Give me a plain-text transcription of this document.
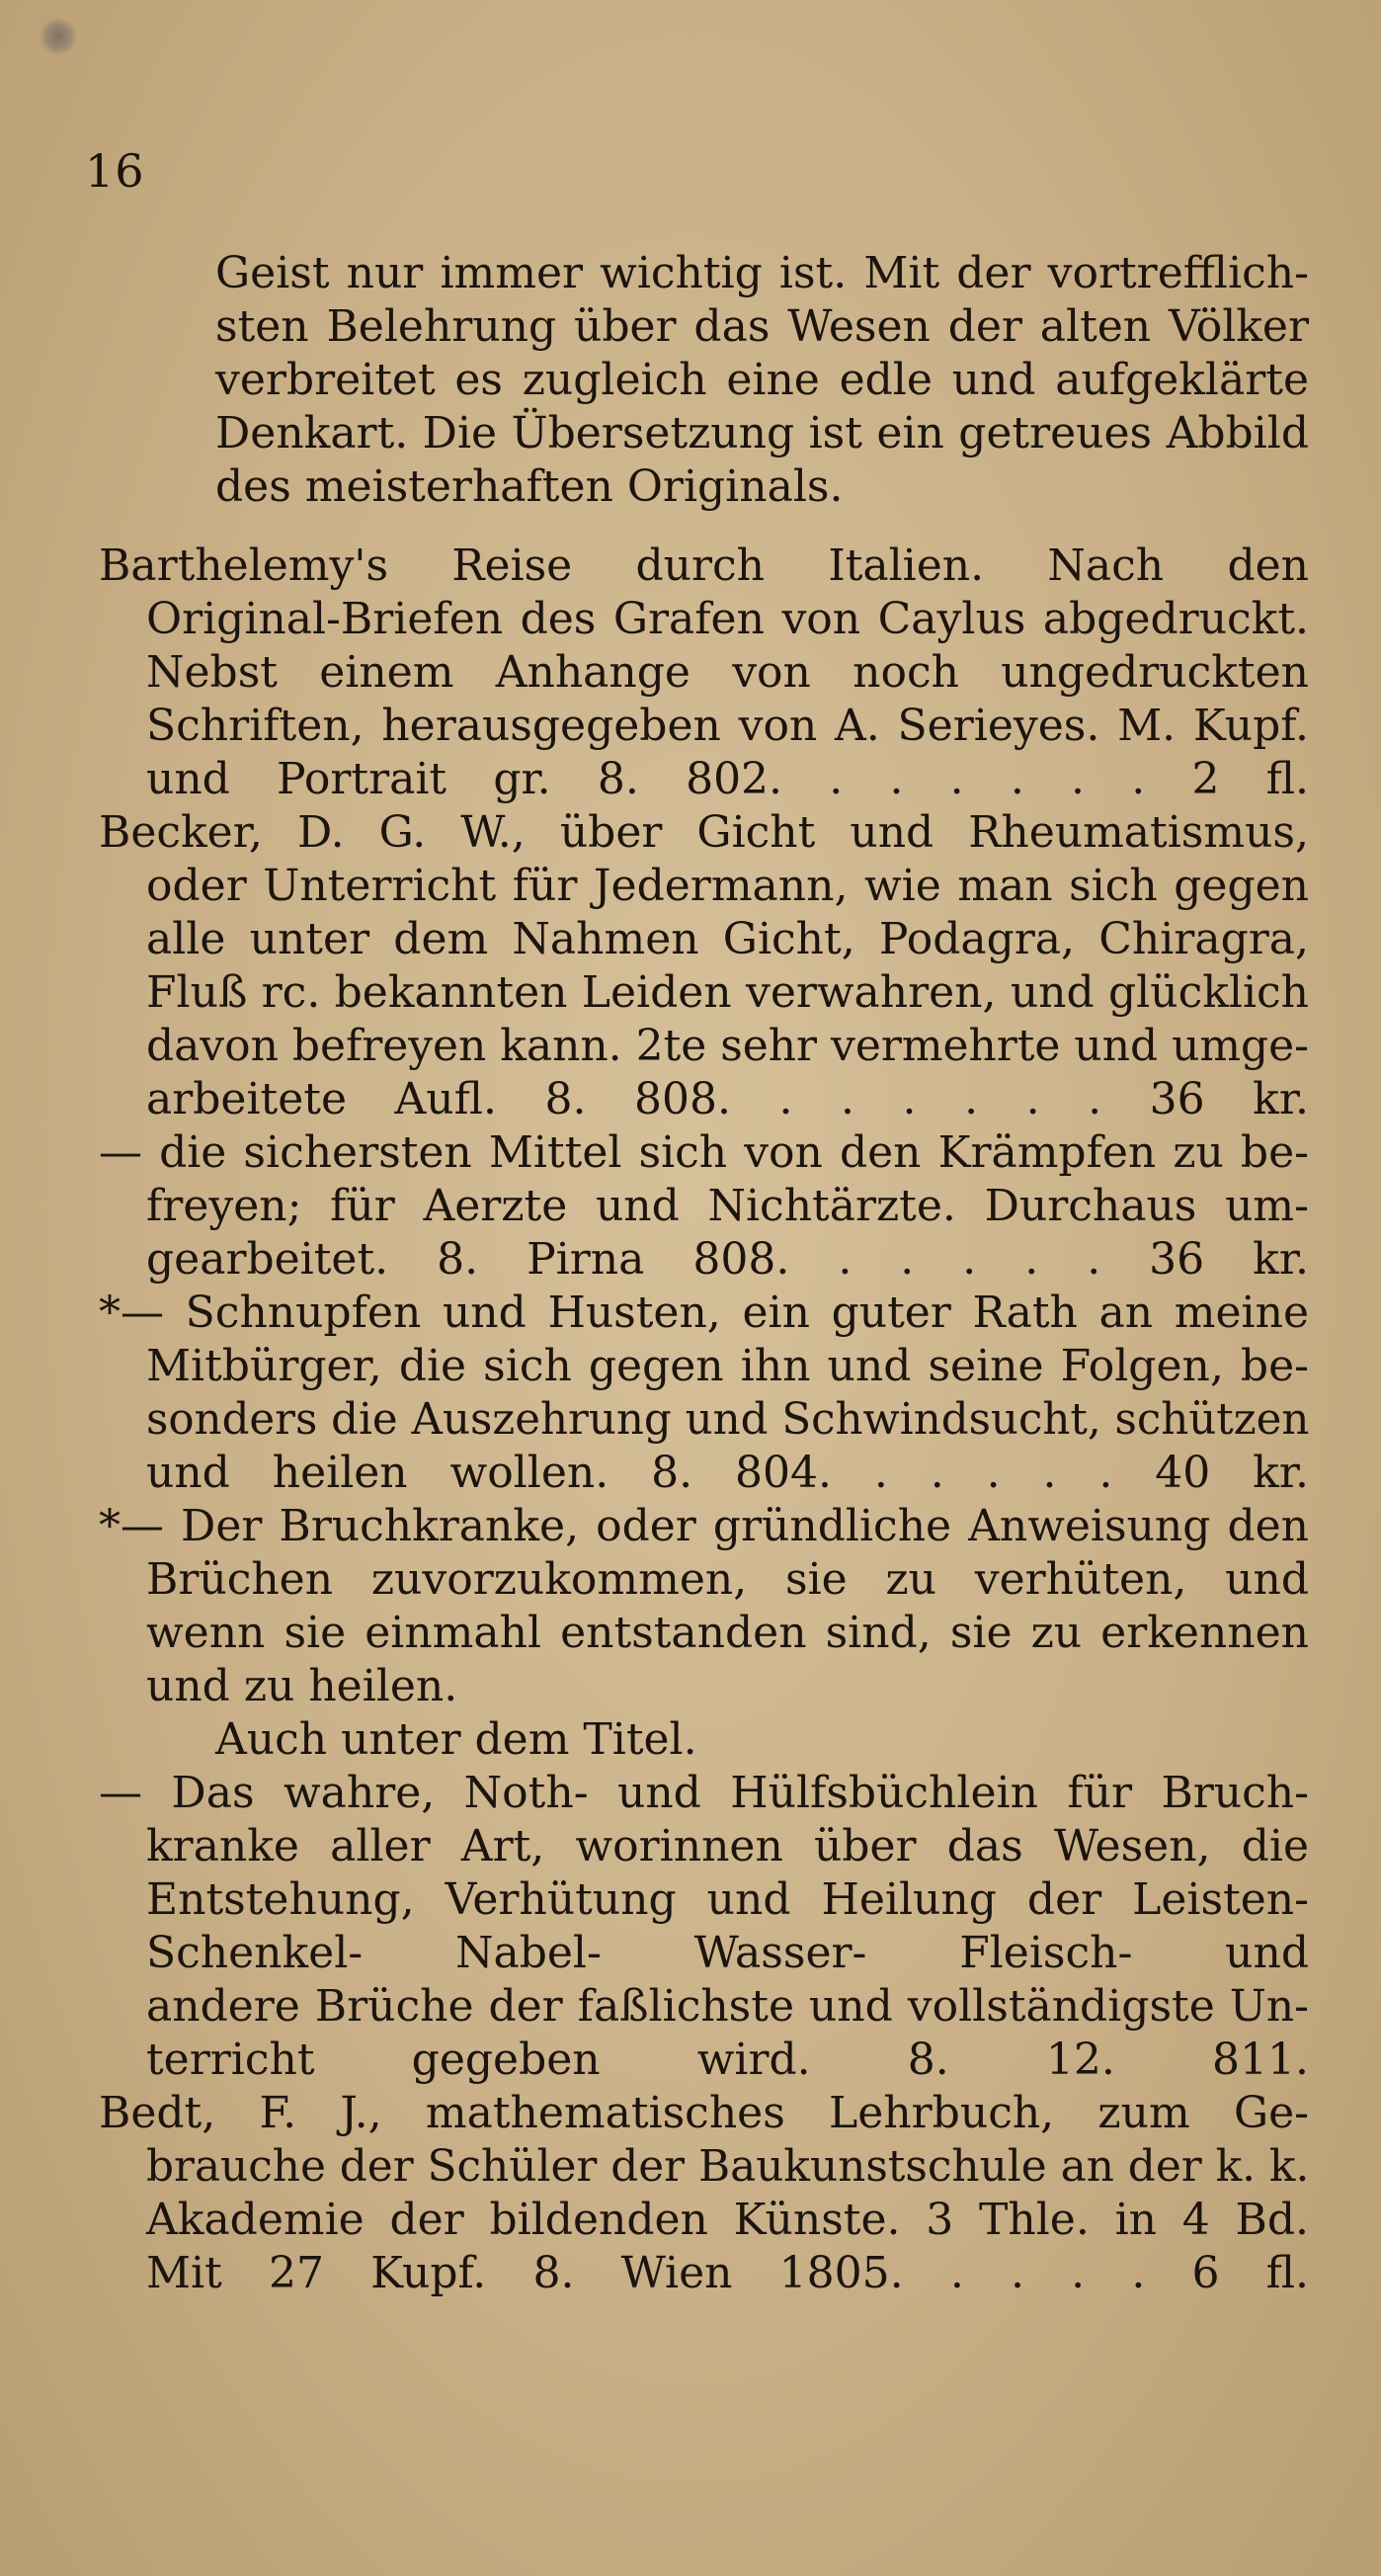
16
Geist nur immer wichtig ist. Mit der vortrefflich-
sten Belehrung über das Wesen der alten Völker
verbreitet es zugleich eine edle und aufgeklärte
Denkart. Die Übersetzung ist ein getreues Abbild
des meisterhaften Originals.
Barthelemy's Reise durch Italien. Nach den
Original-Briefen des Grafen von Caylus abgedruckt.
Nebst einem Anhange von noch ungedruckten
Schriften, herausgegeben von A. Serieyes. M. Kupf.
und Portrait gr. 8. 802. . . . . . . 2 fl.
Becker, D. G. W., über Gicht und Rheumatismus,
oder Unterricht für Jedermann, wie man sich gegen
alle unter dem Nahmen Gicht, Podagra, Chiragra,
Fluß rc. bekannten Leiden verwahren, und glücklich
davon befreyen kann. 2te sehr vermehrte und umge-
arbeitete Aufl. 8. 808. . . . . . . 36 kr.
— die sichersten Mittel sich von den Krämpfen zu be-
freyen; für Aerzte und Nichtärzte. Durchaus um-
gearbeitet. 8. Pirna 808. . . . . . 36 kr.
*— Schnupfen und Husten, ein guter Rath an meine
Mitbürger, die sich gegen ihn und seine Folgen, be-
sonders die Auszehrung und Schwindsucht, schützen
und heilen wollen. 8. 804. . . . . . 40 kr.
*— Der Bruchkranke, oder gründliche Anweisung den
Brüchen zuvorzukommen, sie zu verhüten, und
wenn sie einmahl entstanden sind, sie zu erkennen
und zu heilen.
Auch unter dem Titel.
— Das wahre, Noth- und Hülfsbüchlein für Bruch-
kranke aller Art, worinnen über das Wesen, die
Entstehung, Verhütung und Heilung der Leisten-
Schenkel- Nabel- Wasser- Fleisch- und
andere Brüche der faßlichste und vollständigste Un-
terricht gegeben wird. 8. 12. 811.
Bedt, F. J., mathematisches Lehrbuch, zum Ge-
brauche der Schüler der Baukunstschule an der k. k.
Akademie der bildenden Künste. 3 Thle. in 4 Bd.
Mit 27 Kupf. 8. Wien 1805. . . . . 6 fl.
